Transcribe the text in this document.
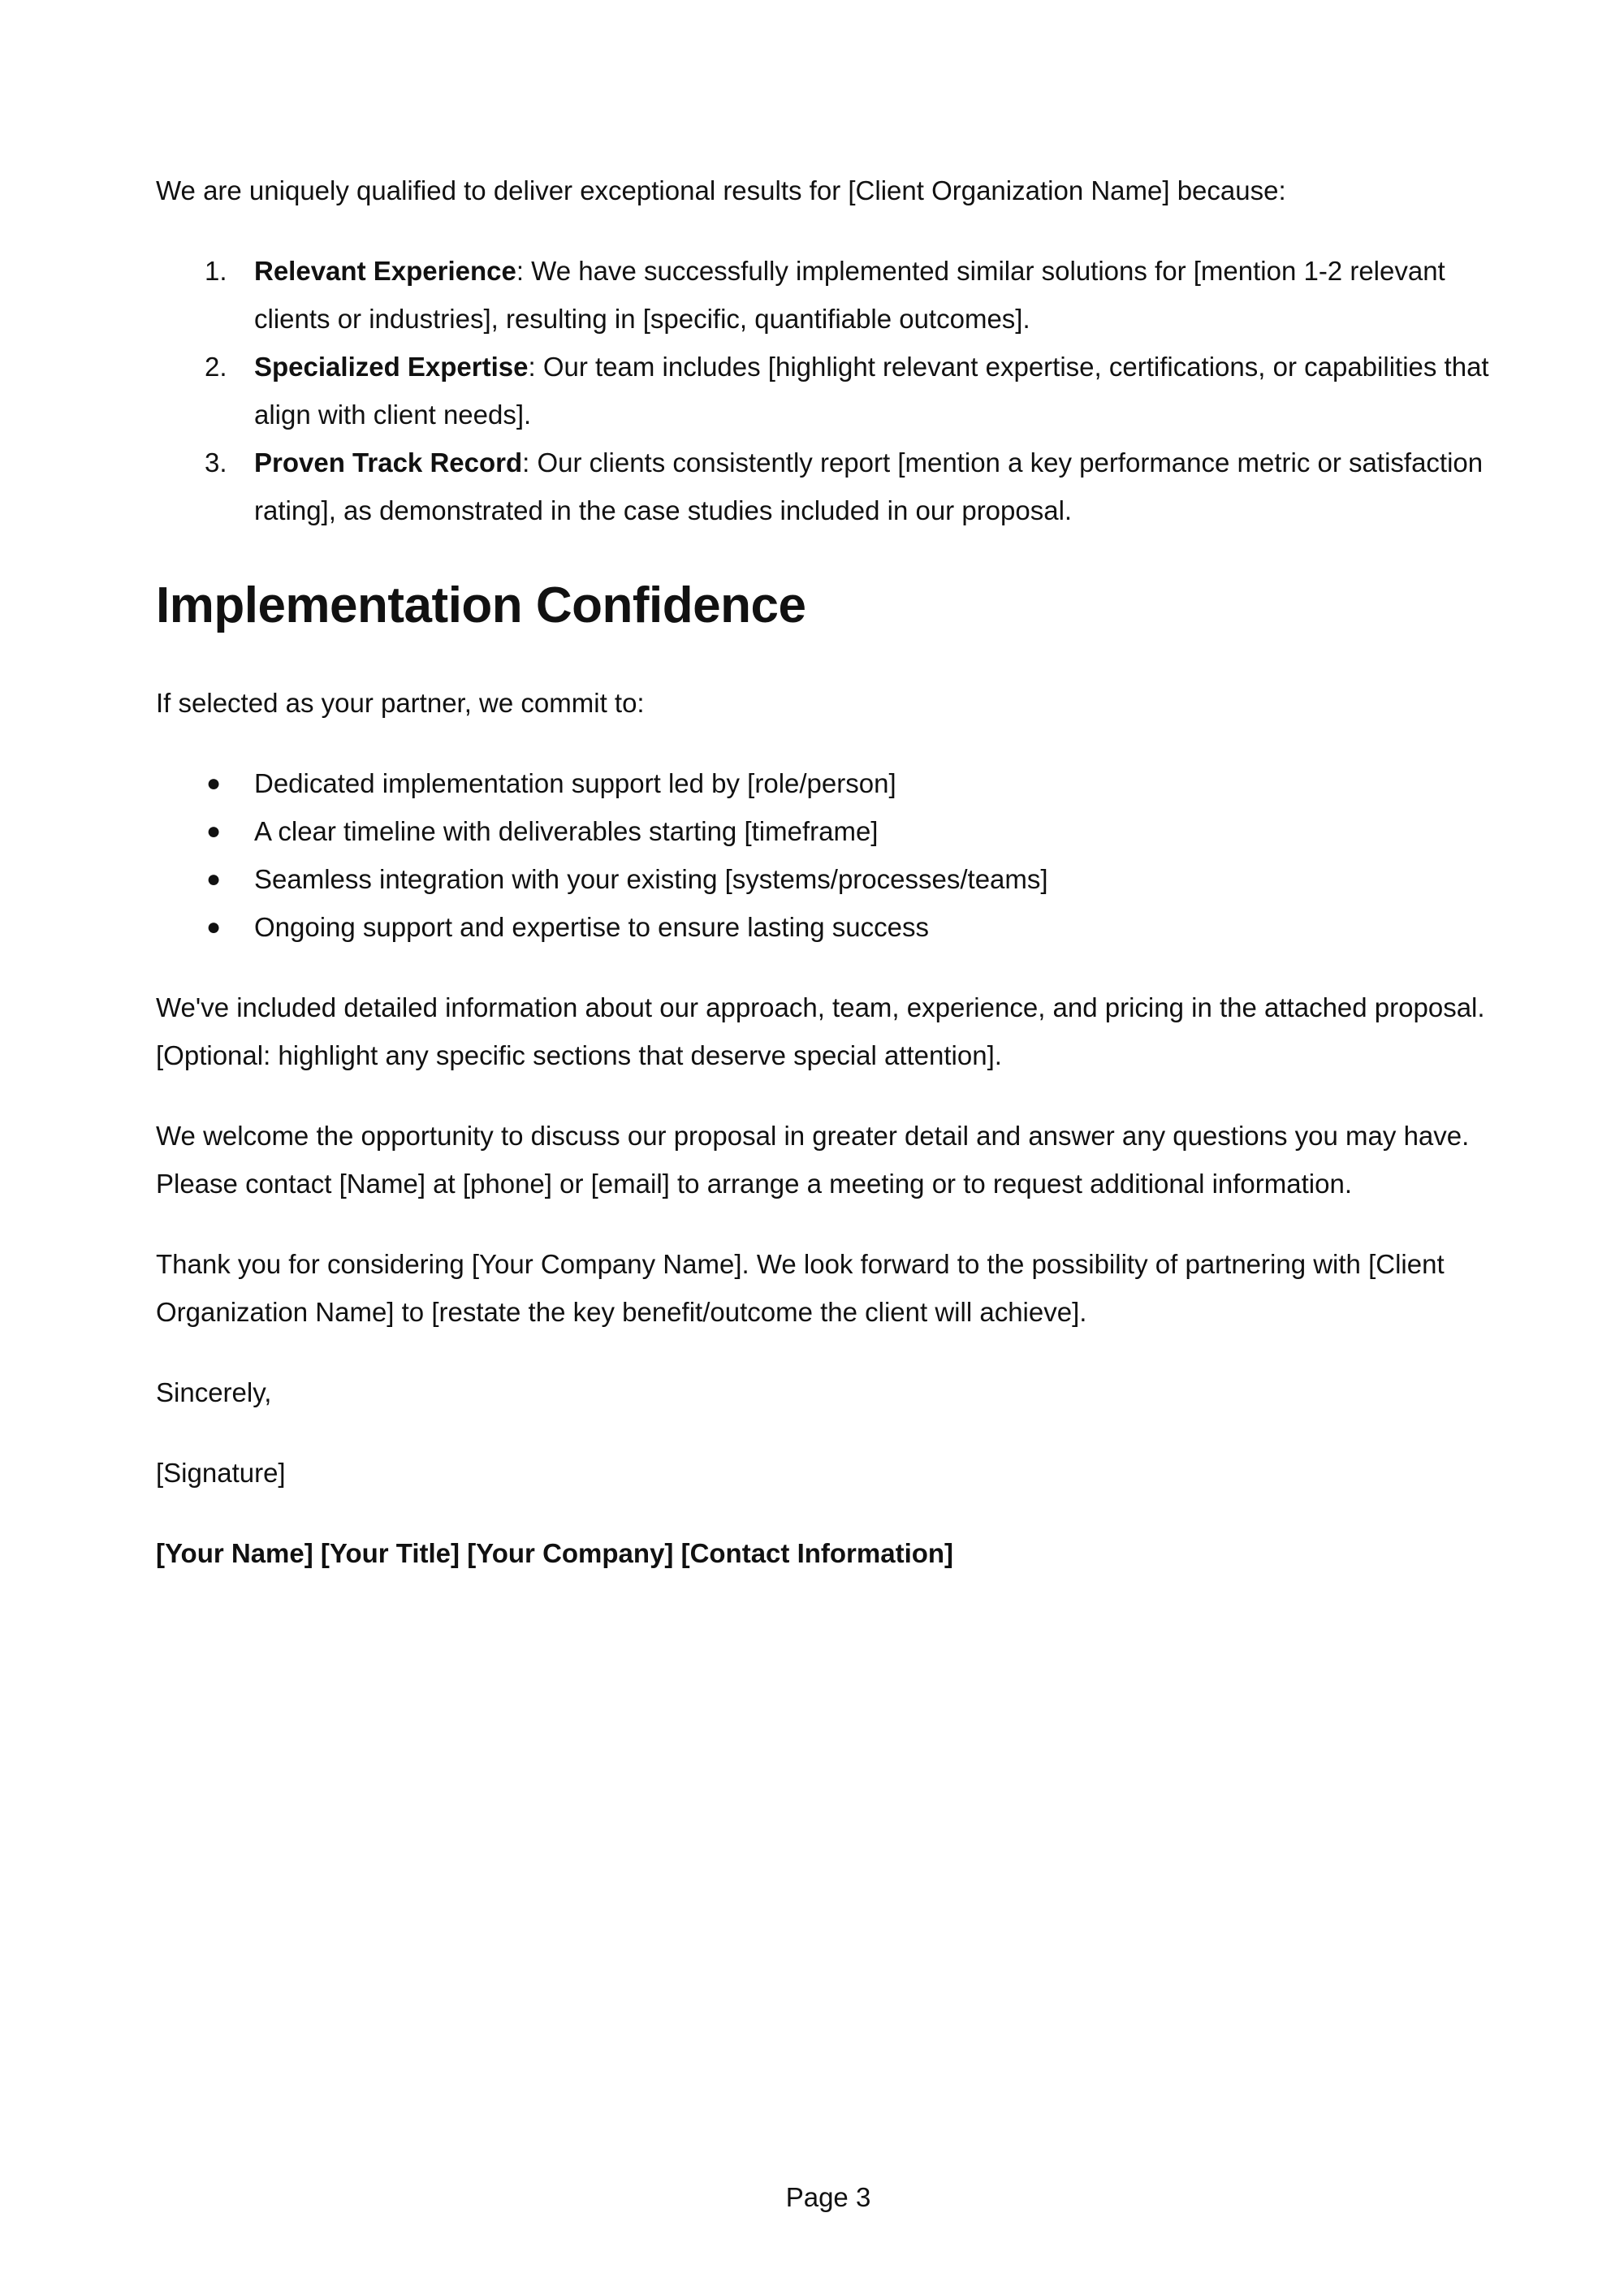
We are uniquely qualified to deliver exceptional results for [Client Organization Name] because:

1. Relevant Experience: We have successfully implemented similar solutions for [mention 1-2 relevant clients or industries], resulting in [specific, quantifiable outcomes].
2. Specialized Expertise: Our team includes [highlight relevant expertise, certifications, or capabilities that align with client needs].
3. Proven Track Record: Our clients consistently report [mention a key performance metric or satisfaction rating], as demonstrated in the case studies included in our proposal.
Implementation Confidence

If selected as your partner, we commit to:

● Dedicated implementation support led by [role/person]
● A clear timeline with deliverables starting [timeframe]
● Seamless integration with your existing [systems/processes/teams]
● Ongoing support and expertise to ensure lasting success

We've included detailed information about our approach, team, experience, and pricing in the attached proposal. [Optional: highlight any specific sections that deserve special attention].

We welcome the opportunity to discuss our proposal in greater detail and answer any questions you may have. Please contact [Name] at [phone] or [email] to arrange a meeting or to request additional information.

Thank you for considering [Your Company Name]. We look forward to the possibility of partnering with [Client Organization Name] to [restate the key benefit/outcome the client will achieve].

Sincerely,

[Signature]

[Your Name] [Your Title] [Your Company] [Contact Information]

Page 3
